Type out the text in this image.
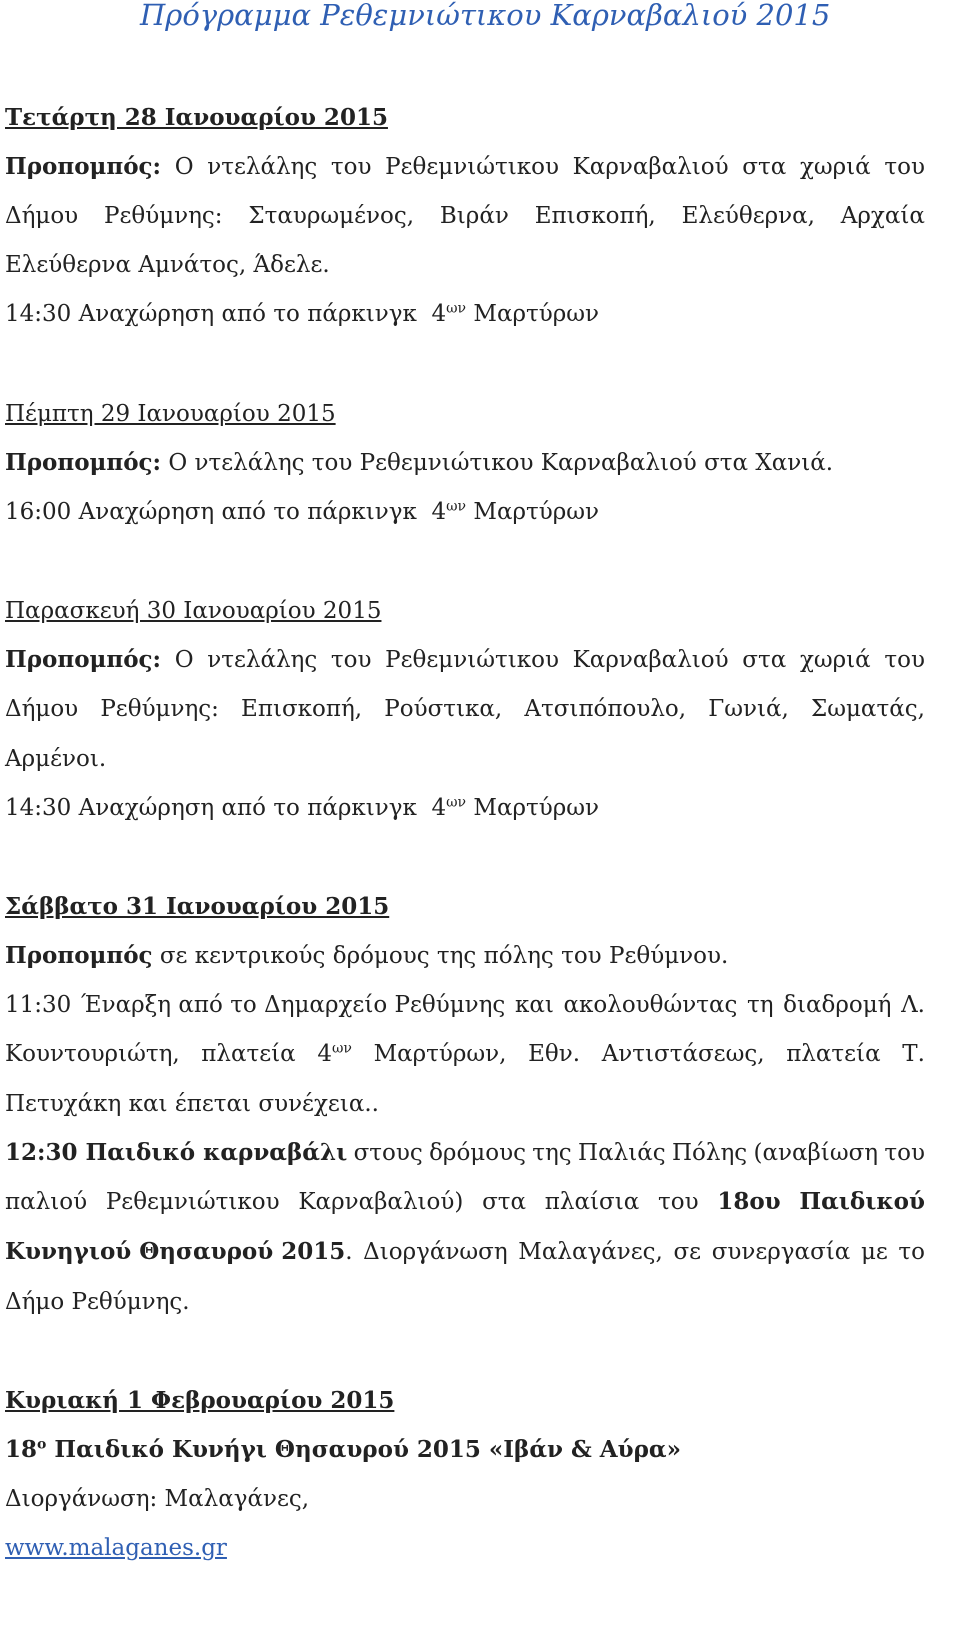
Πρόγραμμα Ρεθεμνιώτικου Καρναβαλιού 2015
Τετάρτη 28 Ιανουαρίου 2015
Προπομπός: Ο ντελάλης του Ρεθεμνιώτικου Καρναβαλιού στα χωριά του
Δήμου Ρεθύμνης: Σταυρωμένος, Βιράν Επισκοπή, Ελεύθερνα, Αρχαία
Ελεύθερνα Αμνάτος, Άδελε.
14:30 Αναχώρηση από το πάρκινγκ $4^{\omega\nu}$ Μαρτύρων
Πέμπτη 29 Ιανουαρίου 2015
Προπομπός: Ο ντελάλης του Ρεθεμνιώτικου Καρναβαλιού στα Χανιά.
16:00 Αναχώρηση από το πάρκινγκ $4^{\omega\nu}$ Μαρτύρων
Παρασκευή 30 Ιανουαρίου 2015
Προπομπός: Ο ντελάλης του Ρεθεμνιώτικου Καρναβαλιού στα χωριά του
Δήμου Ρεθύμνης: Επισκοπή, Ρούστικα, Ατσιπόπουλο, Γωνιά, Σωματάς,
Αρμένοι.
14:30 Αναχώρηση από το πάρκινγκ $4^{\omega\nu}$ Μαρτύρων
Σάββατο 31 Ιανουαρίου 2015
Προπομπός σε κεντρικούς δρόμους της πόλης του Ρεθύμνου.
11:30 Έναρξη από το Δημαρχείο Ρεθύμνης και ακολουθώντας τη διαδρομή Λ.
Κουντουριώτη, πλατεία $4^{\omega\nu}$ Μαρτύρων, Εθν. Αντιστάσεως, πλατεία Τ.
Πετυχάκη και έπεται συνέχεια..
12:30 Παιδικό καρναβάλι στους δρόμους της Παλιάς Πόλης (αναβίωση του
παλιού Ρεθεμνιώτικου Καρναβαλιού) στα πλαίσια του 18ου Παιδικού
Κυνηγιού Θησαυρού 2015. Διοργάνωση Μαλαγάνες, σε συνεργασία με το
Δήμο Ρεθύμνης.
Κυριακή 1 Φεβρουαρίου 2015
$18^o$ Παιδικό Κυνήγι Θησαυρού 2015 «Ιβάν & Αύρα»
Διοργάνωση: Μαλαγάνες,
www.malaganes.gr
